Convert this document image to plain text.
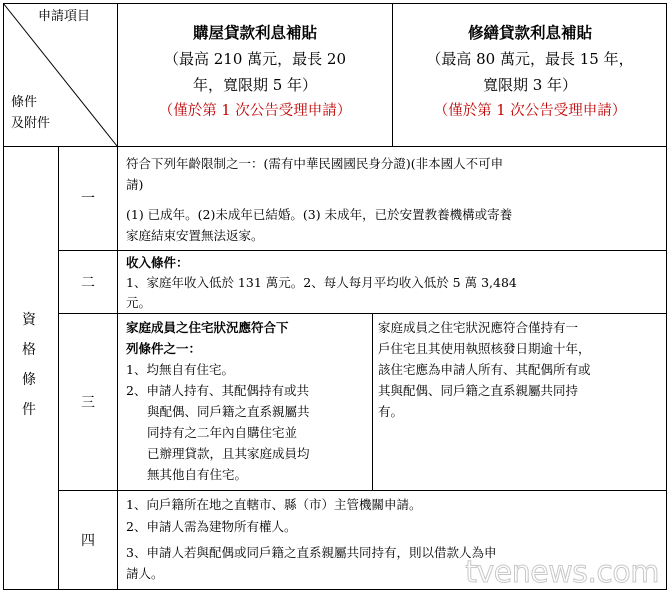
申請項目
條件
及附件
購屋貸款利息補貼
（最高 210 萬元，最長 20
年，寬限期 5 年）
（僅於第 1 次公告受理申請）
修繕貸款利息補貼
（最高 80 萬元，最長 15 年，
寬限期 3 年）
（僅於第 1 次公告受理申請）
資
格
條
件
一
二
三
四
符合下列年齡限制之一：(需有中華民國國民身分證)(非本國人不可申
請)
(1) 已成年。(2)未成年已結婚。(3) 未成年，已於安置教養機構或寄養
家庭結束安置無法返家。
收入條件：
1、家庭年收入低於 131 萬元。2、每人每月平均收入低於 5 萬 3,484
元。
家庭成員之住宅狀況應符合下
列條件之一：
1、均無自有住宅。
2、申請人持有、其配偶持有或共
與配偶、同戶籍之直系親屬共
同持有之二年內自購住宅並
已辦理貸款，且其家庭成員均
無其他自有住宅。
家庭成員之住宅狀況應符合僅持有一
戶住宅且其使用執照核發日期逾十年，
該住宅應為申請人所有、其配偶所有或
其與配偶、同戶籍之直系親屬共同持
有。
1、向戶籍所在地之直轄市、縣（市）主管機關申請。
2、申請人需為建物所有權人。
3、申請人若與配偶或同戶籍之直系親屬共同持有，則以借款人為申
請人。	tvenews.com
